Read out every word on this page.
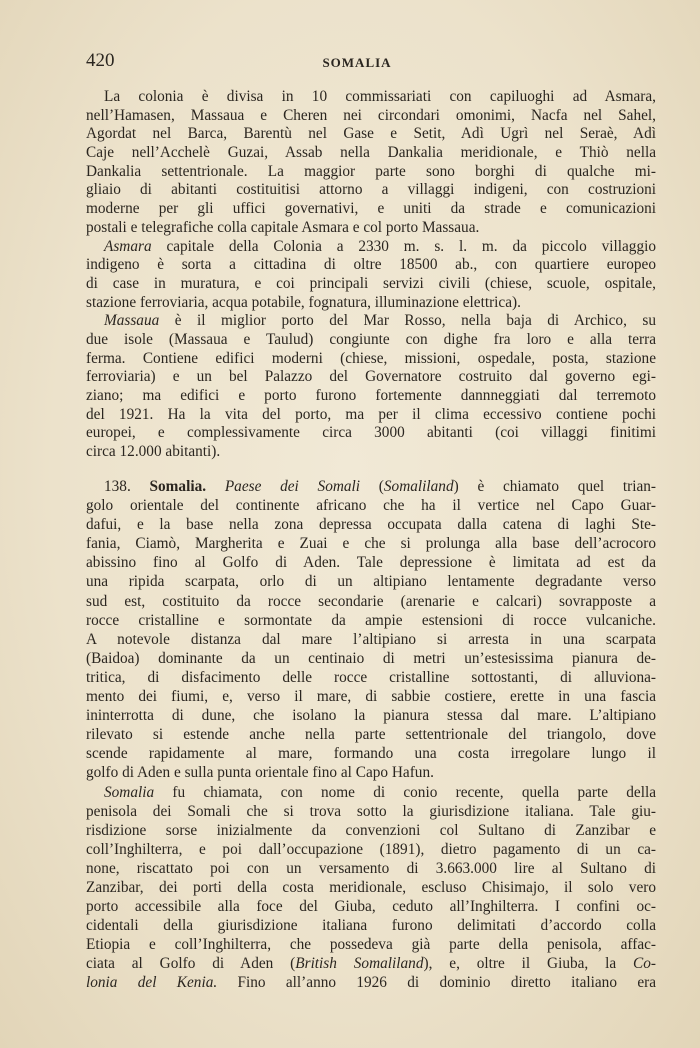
420	SOMALIA
La colonia è divisa in 10 commissariati con capiluoghi ad Asmara,
nell’Hamasen, Massaua e Cheren nei circondari omonimi, Nacfa nel Sahel,
Agordat nel Barca, Barentù nel Gase e Setit, Adì Ugrì nel Seraè, Adì
Caje nell’Acchelè Guzai, Assab nella Dankalia meridionale, e Thiò nella
Dankalia settentrionale. La maggior parte sono borghi di qualche mi-
gliaio di abitanti costituitisi attorno a villaggi indigeni, con costruzioni
moderne per gli uffici governativi, e uniti da strade e comunicazioni
postali e telegrafiche colla capitale Asmara e col porto Massaua.
Asmara capitale della Colonia a 2330 m. s. l. m. da piccolo villaggio
indigeno è sorta a cittadina di oltre 18500 ab., con quartiere europeo
di case in muratura, e coi principali servizi civili (chiese, scuole, ospitale,
stazione ferroviaria, acqua potabile, fognatura, illuminazione elettrica).
Massaua è il miglior porto del Mar Rosso, nella baja di Archico, su
due isole (Massaua e Taulud) congiunte con dighe fra loro e alla terra
ferma. Contiene edifici moderni (chiese, missioni, ospedale, posta, stazione
ferroviaria) e un bel Palazzo del Governatore costruito dal governo egi-
ziano; ma edifici e porto furono fortemente dannneggiati dal terremoto
del 1921. Ha la vita del porto, ma per il clima eccessivo contiene pochi
europei, e complessivamente circa 3000 abitanti (coi villaggi finitimi
circa 12.000 abitanti).
138. Somalia. Paese dei Somali (Somaliland) è chiamato quel trian-
golo orientale del continente africano che ha il vertice nel Capo Guar-
dafui, e la base nella zona depressa occupata dalla catena di laghi Ste-
fania, Ciamò, Margherita e Zuai e che si prolunga alla base dell’acrocoro
abissino fino al Golfo di Aden. Tale depressione è limitata ad est da
una ripida scarpata, orlo di un altipiano lentamente degradante verso
sud est, costituito da rocce secondarie (arenarie e calcari) sovrapposte a
rocce cristalline e sormontate da ampie estensioni di rocce vulcaniche.
A notevole distanza dal mare l’altipiano si arresta in una scarpata
(Baidoa) dominante da un centinaio di metri un’estesissima pianura de-
tritica, di disfacimento delle rocce cristalline sottostanti, di alluviona-
mento dei fiumi, e, verso il mare, di sabbie costiere, erette in una fascia
ininterrotta di dune, che isolano la pianura stessa dal mare. L’altipiano
rilevato si estende anche nella parte settentrionale del triangolo, dove
scende rapidamente al mare, formando una costa irregolare lungo il
golfo di Aden e sulla punta orientale fino al Capo Hafun.
Somalia fu chiamata, con nome di conio recente, quella parte della
penisola dei Somali che si trova sotto la giurisdizione italiana. Tale giu-
risdizione sorse inizialmente da convenzioni col Sultano di Zanzibar e
coll’Inghilterra, e poi dall’occupazione (1891), dietro pagamento di un ca-
none, riscattato poi con un versamento di 3.663.000 lire al Sultano di
Zanzibar, dei porti della costa meridionale, escluso Chisimajo, il solo vero
porto accessibile alla foce del Giuba, ceduto all’Inghilterra. I confini oc-
cidentali della giurisdizione italiana furono delimitati d’accordo colla
Etiopia e coll’Inghilterra, che possedeva già parte della penisola, affac-
ciata al Golfo di Aden (British Somaliland), e, oltre il Giuba, la Co-
lonia del Kenia. Fino all’anno 1926 di dominio diretto italiano era
